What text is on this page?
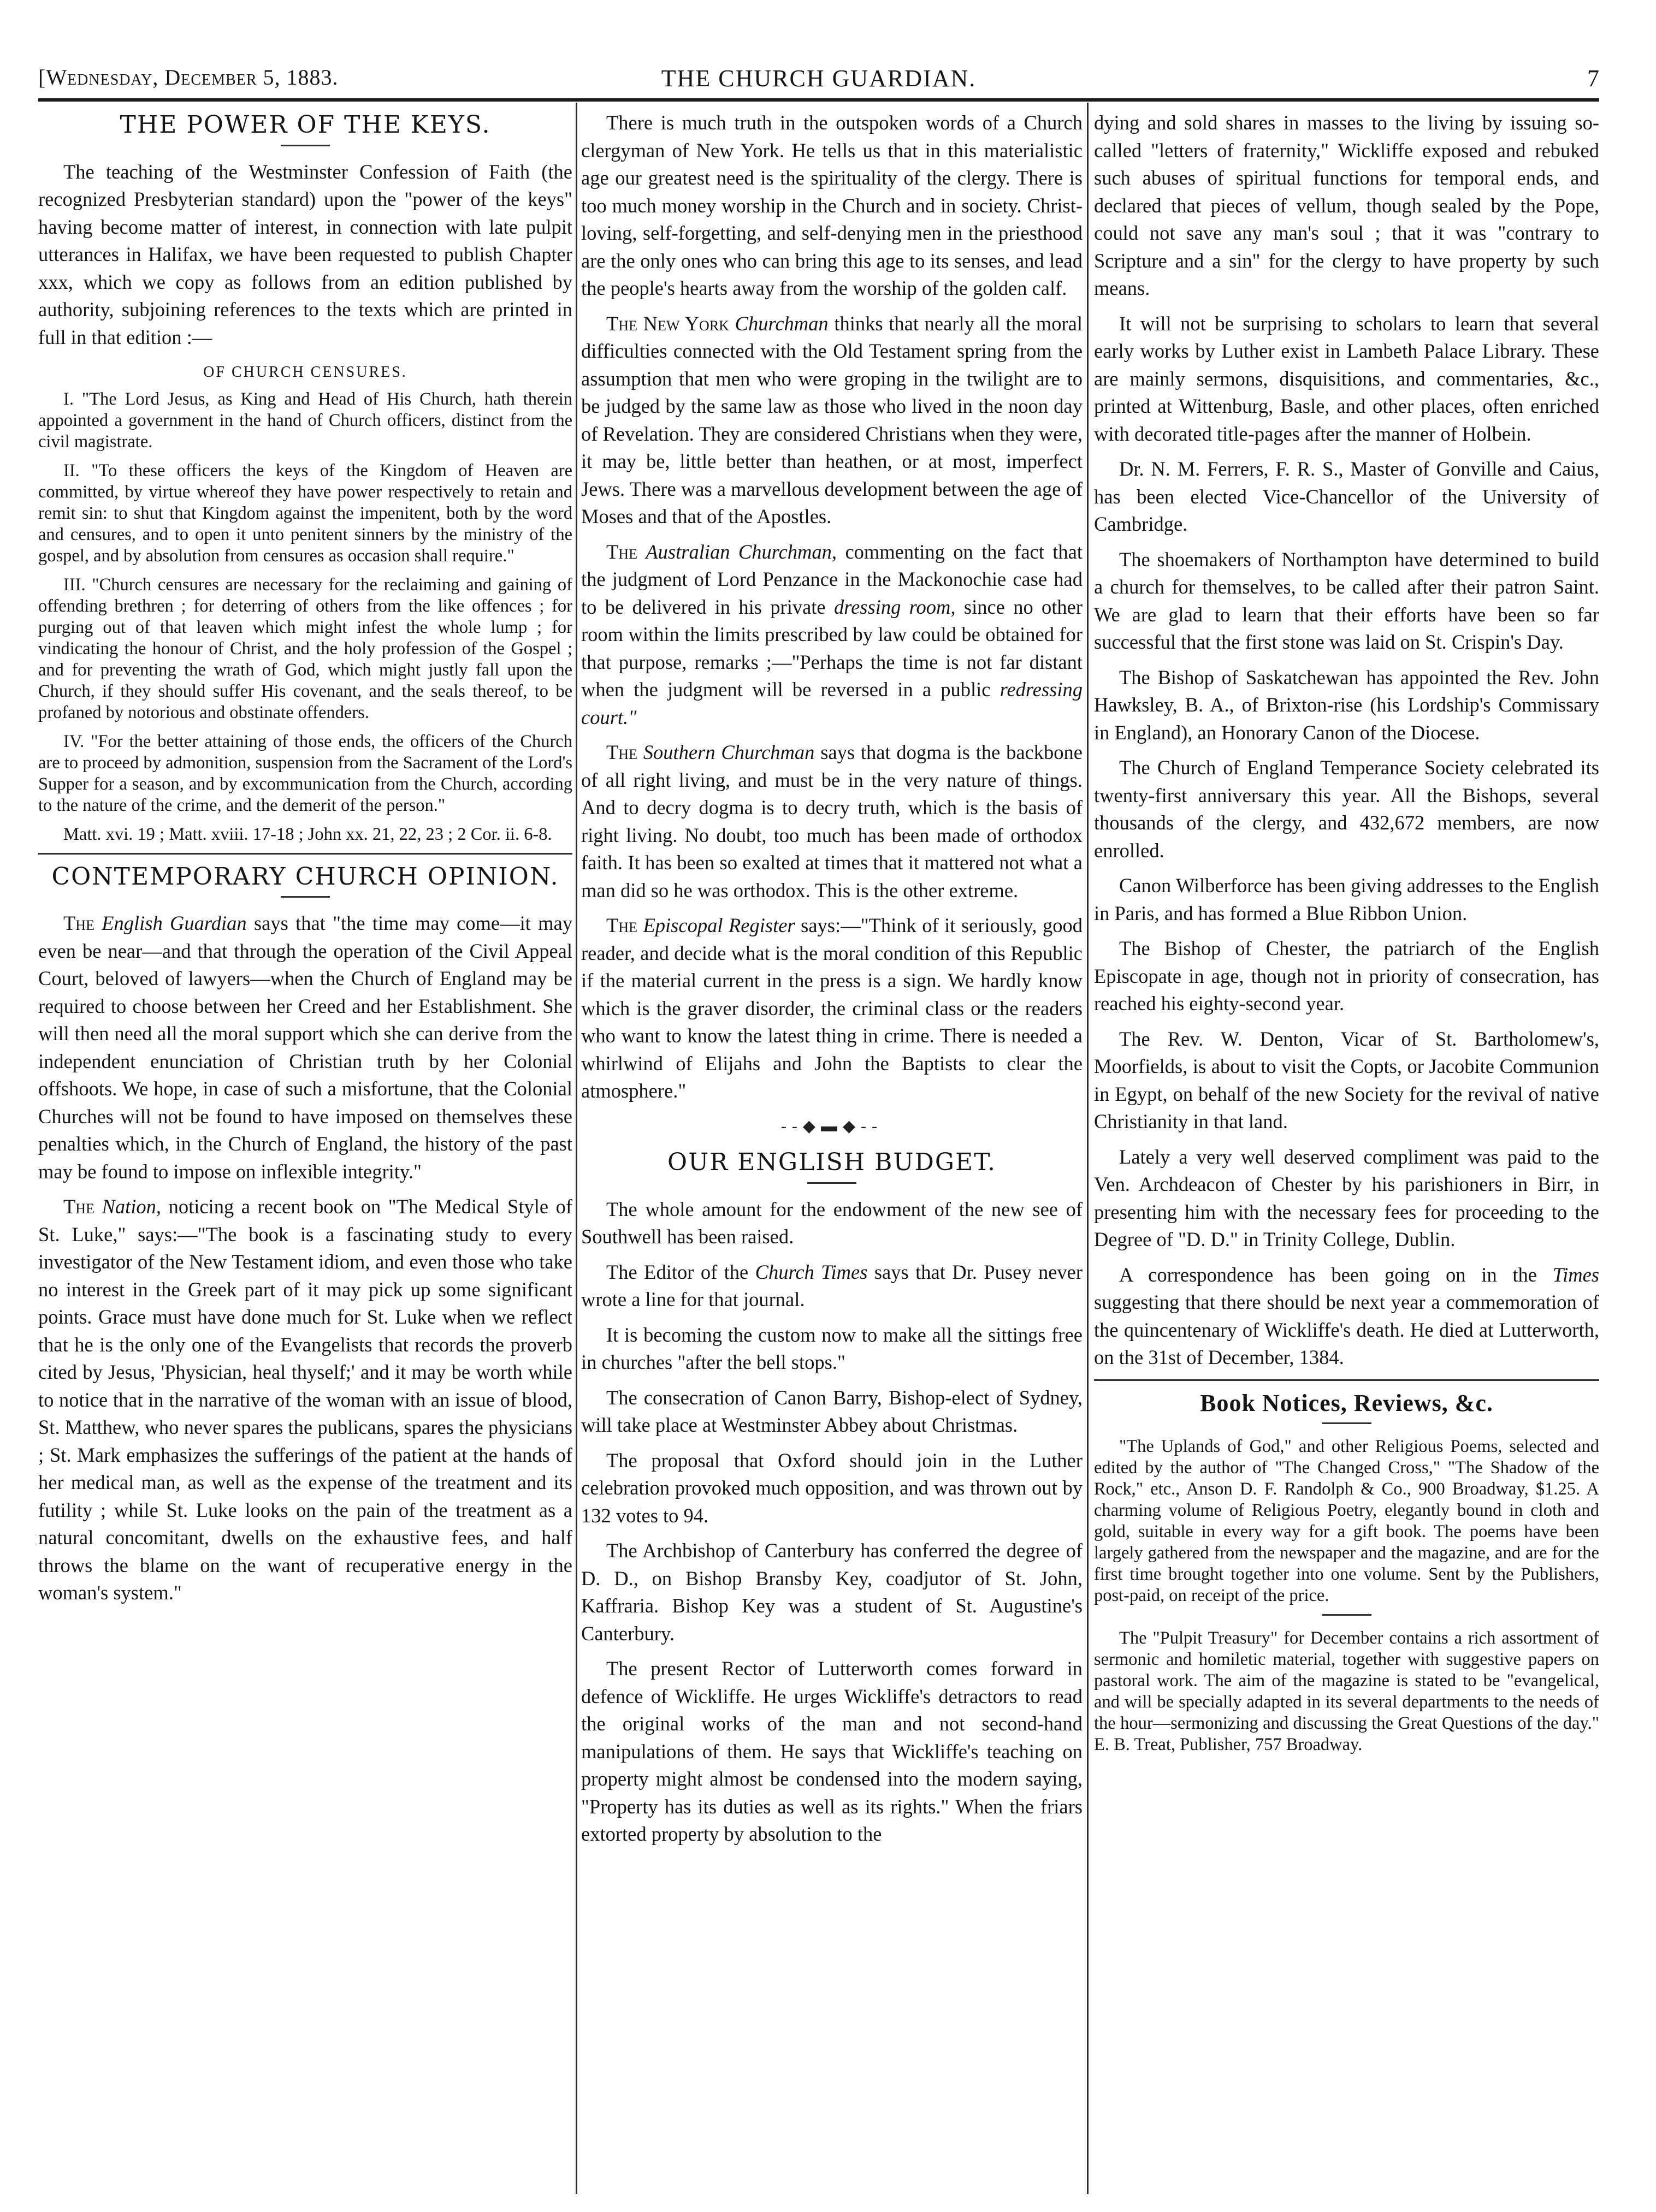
[Wednesday, December 5, 1883.	THE CHURCH GUARDIAN.	7
THE POWER OF THE KEYS.

The teaching of the Westminster Confession of Faith (the recognized Presbyterian standard) upon the "power of the keys" having become matter of interest, in connection with late pulpit utterances in Halifax, we have been requested to publish Chapter xxx, which we copy as follows from an edition published by authority, subjoining references to the texts which are printed in full in that edition :—

OF CHURCH CENSURES.

I. "The Lord Jesus, as King and Head of His Church, hath therein appointed a government in the hand of Church officers, distinct from the civil magistrate.

II. "To these officers the keys of the Kingdom of Heaven are committed, by virtue whereof they have power respectively to retain and remit sin: to shut that Kingdom against the impenitent, both by the word and censures, and to open it unto penitent sinners by the ministry of the gospel, and by absolution from censures as occasion shall require."

III. "Church censures are necessary for the reclaiming and gaining of offending brethren ; for deterring of others from the like offences ; for purging out of that leaven which might infest the whole lump ; for vindicating the honour of Christ, and the holy profession of the Gospel ; and for preventing the wrath of God, which might justly fall upon the Church, if they should suffer His covenant, and the seals thereof, to be profaned by notorious and obstinate offenders.

IV. "For the better attaining of those ends, the officers of the Church are to proceed by admonition, suspension from the Sacrament of the Lord's Supper for a season, and by excommunication from the Church, according to the nature of the crime, and the demerit of the person."

Matt. xvi. 19 ; Matt. xviii. 17-18 ; John xx. 21, 22, 23 ; 2 Cor. ii. 6-8.

CONTEMPORARY CHURCH OPINION.

The English Guardian says that "the time may come—it may even be near—and that through the operation of the Civil Appeal Court, beloved of lawyers—when the Church of England may be required to choose between her Creed and her Establishment. She will then need all the moral support which she can derive from the independent enunciation of Christian truth by her Colonial offshoots. We hope, in case of such a misfortune, that the Colonial Churches will not be found to have imposed on themselves these penalties which, in the Church of England, the history of the past may be found to impose on inflexible integrity."

The Nation, noticing a recent book on "The Medical Style of St. Luke," says:—"The book is a fascinating study to every investigator of the New Testament idiom, and even those who take no interest in the Greek part of it may pick up some significant points. Grace must have done much for St. Luke when we reflect that he is the only one of the Evangelists that records the proverb cited by Jesus, 'Physician, heal thyself;' and it may be worth while to notice that in the narrative of the woman with an issue of blood, St. Matthew, who never spares the publicans, spares the physicians ; St. Mark emphasizes the sufferings of the patient at the hands of her medical man, as well as the expense of the treatment and its futility ; while St. Luke looks on the pain of the treatment as a natural concomitant, dwells on the exhaustive fees, and half throws the blame on the want of recuperative energy in the woman's system."

There is much truth in the outspoken words of a Church clergyman of New York. He tells us that in this materialistic age our greatest need is the spirituality of the clergy. There is too much money worship in the Church and in society. Christ-loving, self-forgetting, and self-denying men in the priesthood are the only ones who can bring this age to its senses, and lead the people's hearts away from the worship of the golden calf.

The New York Churchman thinks that nearly all the moral difficulties connected with the Old Testament spring from the assumption that men who were groping in the twilight are to be judged by the same law as those who lived in the noon day of Revelation. They are considered Christians when they were, it may be, little better than heathen, or at most, imperfect Jews. There was a marvellous development between the age of Moses and that of the Apostles.

The Australian Churchman, commenting on the fact that the judgment of Lord Penzance in the Mackonochie case had to be delivered in his private dressing room, since no other room within the limits prescribed by law could be obtained for that purpose, remarks ;—"Perhaps the time is not far distant when the judgment will be reversed in a public redressing court."

The Southern Churchman says that dogma is the backbone of all right living, and must be in the very nature of things. And to decry dogma is to decry truth, which is the basis of right living. No doubt, too much has been made of orthodox faith. It has been so exalted at times that it mattered not what a man did so he was orthodox. This is the other extreme.

The Episcopal Register says:—"Think of it seriously, good reader, and decide what is the moral condition of this Republic if the material current in the press is a sign. We hardly know which is the graver disorder, the criminal class or the readers who want to know the latest thing in crime. There is needed a whirlwind of Elijahs and John the Baptists to clear the atmosphere."

--◆▬◆--
OUR ENGLISH BUDGET.

The whole amount for the endowment of the new see of Southwell has been raised.

The Editor of the Church Times says that Dr. Pusey never wrote a line for that journal.

It is becoming the custom now to make all the sittings free in churches "after the bell stops."

The consecration of Canon Barry, Bishop-elect of Sydney, will take place at Westminster Abbey about Christmas.

The proposal that Oxford should join in the Luther celebration provoked much opposition, and was thrown out by 132 votes to 94.

The Archbishop of Canterbury has conferred the degree of D. D., on Bishop Bransby Key, coadjutor of St. John, Kaffraria. Bishop Key was a student of St. Augustine's Canterbury.

The present Rector of Lutterworth comes forward in defence of Wickliffe. He urges Wickliffe's detractors to read the original works of the man and not second-hand manipulations of them. He says that Wickliffe's teaching on property might almost be condensed into the modern saying, "Property has its duties as well as its rights." When the friars extorted property by absolution to the

dying and sold shares in masses to the living by issuing so-called "letters of fraternity," Wickliffe exposed and rebuked such abuses of spiritual functions for temporal ends, and declared that pieces of vellum, though sealed by the Pope, could not save any man's soul ; that it was "contrary to Scripture and a sin" for the clergy to have property by such means.

It will not be surprising to scholars to learn that several early works by Luther exist in Lambeth Palace Library. These are mainly sermons, disquisitions, and commentaries, &c., printed at Wittenburg, Basle, and other places, often enriched with decorated title-pages after the manner of Holbein.

Dr. N. M. Ferrers, F. R. S., Master of Gonville and Caius, has been elected Vice-Chancellor of the University of Cambridge.

The shoemakers of Northampton have determined to build a church for themselves, to be called after their patron Saint. We are glad to learn that their efforts have been so far successful that the first stone was laid on St. Crispin's Day.

The Bishop of Saskatchewan has appointed the Rev. John Hawksley, B. A., of Brixton-rise (his Lordship's Commissary in England), an Honorary Canon of the Diocese.

The Church of England Temperance Society celebrated its twenty-first anniversary this year. All the Bishops, several thousands of the clergy, and 432,672 members, are now enrolled.

Canon Wilberforce has been giving addresses to the English in Paris, and has formed a Blue Ribbon Union.

The Bishop of Chester, the patriarch of the English Episcopate in age, though not in priority of consecration, has reached his eighty-second year.

The Rev. W. Denton, Vicar of St. Bartholomew's, Moorfields, is about to visit the Copts, or Jacobite Communion in Egypt, on behalf of the new Society for the revival of native Christianity in that land.

Lately a very well deserved compliment was paid to the Ven. Archdeacon of Chester by his parishioners in Birr, in presenting him with the necessary fees for proceeding to the Degree of "D. D." in Trinity College, Dublin.

A correspondence has been going on in the Times suggesting that there should be next year a commemoration of the quincentenary of Wickliffe's death. He died at Lutterworth, on the 31st of December, 1384.

Book Notices, Reviews, &c.

"The Uplands of God," and other Religious Poems, selected and edited by the author of "The Changed Cross," "The Shadow of the Rock," etc., Anson D. F. Randolph & Co., 900 Broadway, $1.25. A charming volume of Religious Poetry, elegantly bound in cloth and gold, suitable in every way for a gift book. The poems have been largely gathered from the newspaper and the magazine, and are for the first time brought together into one volume. Sent by the Publishers, post-paid, on receipt of the price.

The "Pulpit Treasury" for December contains a rich assortment of sermonic and homiletic material, together with suggestive papers on pastoral work. The aim of the magazine is stated to be "evangelical, and will be specially adapted in its several departments to the needs of the hour—sermonizing and discussing the Great Questions of the day." E. B. Treat, Publisher, 757 Broadway.
